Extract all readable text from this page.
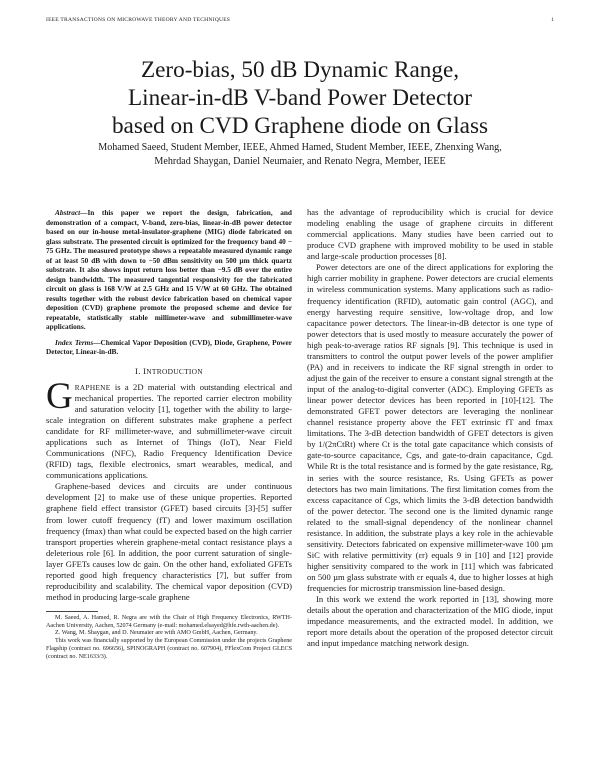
IEEE TRANSACTIONS ON MICROWAVE THEORY AND TECHNIQUES	1
Zero-bias, 50 dB Dynamic Range,
Linear-in-dB V-band Power Detector
based on CVD Graphene diode on Glass
Mohamed Saeed, Student Member, IEEE, Ahmed Hamed, Student Member, IEEE, Zhenxing Wang,
Mehrdad Shaygan, Daniel Neumaier, and Renato Negra, Member, IEEE

Abstract—In this paper we report the design, fabrication, and demonstration of a compact, V-band, zero-bias, linear-in-dB power detector based on our in-house metal-insulator-graphene (MIG) diode fabricated on glass substrate. The presented circuit is optimized for the frequency band 40 − 75 GHz. The measured prototype shows a repeatable measured dynamic range of at least 50 dB with down to −50 dBm sensitivity on 500 µm thick quartz substrate. It also shows input return loss better than −9.5 dB over the entire design bandwidth. The measured tangential responsivity for the fabricated circuit on glass is 168 V/W at 2.5 GHz and 15 V/W at 60 GHz. The obtained results together with the robust device fabrication based on chemical vapor deposition (CVD) graphene promote the proposed scheme and device for repeatable, statistically stable millimeter-wave and submillimeter-wave applications.

Index Terms—Chemical Vapor Deposition (CVD), Diode, Graphene, Power Detector, Linear-in-dB.

I. INTRODUCTION

GRAPHENE is a 2D material with outstanding electrical and mechanical properties. The reported carrier electron mobility and saturation velocity [1], together with the ability to large-scale integration on different substrates make graphene a perfect candidate for RF millimeter-wave, and submillimeter-wave circuit applications such as Internet of Things (IoT), Near Field Communications (NFC), Radio Frequency Identification Device (RFID) tags, flexible electronics, smart wearables, medical, and communications applications.

Graphene-based devices and circuits are under continuous development [2] to make use of these unique properties. Reported graphene field effect transistor (GFET) based circuits [3]-[5] suffer from lower cutoff frequency (fT) and lower maximum oscillation frequency (fmax) than what could be expected based on the high carrier transport properties wherein graphene-metal contact resistance plays a deleterious role [6]. In addition, the poor current saturation of single-layer GFETs causes low dc gain. On the other hand, exfoliated GFETs reported good high frequency characteristics [7], but suffer from reproducibility and scalability. The chemical vapor deposition (CVD) method in producing large-scale graphene

M. Saeed, A. Hamed, R. Negra are with the Chair of High Frequency Electronics, RWTH-Aachen University, Aachen, 52074 Germany (e-mail: mohamed.elsayed@hfe.rwth-aachen.de).

Z. Wang, M. Shaygan, and D. Neumaier are with AMO GmbH, Aachen, Germany.

This work was financially supported by the European Commission under the projects Graphene Flagship (contract no. 696656), SPINOGRAPH (contract no. 607904), FFlexCom Project GLECS (contract no. NE1633/3).

has the advantage of reproducibility which is crucial for device modeling enabling the usage of graphene circuits in different commercial applications. Many studies have been carried out to produce CVD graphene with improved mobility to be used in stable and large-scale production processes [8].

Power detectors are one of the direct applications for exploring the high carrier mobility in graphene. Power detectors are crucial elements in wireless communication systems. Many applications such as radio-frequency identification (RFID), automatic gain control (AGC), and energy harvesting require sensitive, low-voltage drop, and low capacitance power detectors. The linear-in-dB detector is one type of power detectors that is used mostly to measure accurately the power of high peak-to-average ratios RF signals [9]. This technique is used in transmitters to control the output power levels of the power amplifier (PA) and in receivers to indicate the RF signal strength in order to adjust the gain of the receiver to ensure a constant signal strength at the input of the analog-to-digital converter (ADC). Employing GFETs as linear power detector devices has been reported in [10]-[12]. The demonstrated GFET power detectors are leveraging the nonlinear channel resistance property above the FET extrinsic fT and fmax limitations. The 3-dB detection bandwidth of GFET detectors is given by 1/(2πCtRt) where Ct is the total gate capacitance which consists of gate-to-source capacitance, Cgs, and gate-to-drain capacitance, Cgd. While Rt is the total resistance and is formed by the gate resistance, Rg, in series with the source resistance, Rs. Using GFETs as power detectors has two main limitations. The first limitation comes from the excess capacitance of Cgs, which limits the 3-dB detection bandwidth of the power detector. The second one is the limited dynamic range related to the small-signal dependency of the nonlinear channel resistance. In addition, the substrate plays a key role in the achievable sensitivity. Detectors fabricated on expensive millimeter-wave 100 µm SiC with relative permittivity (εr) equals 9 in [10] and [12] provide higher sensitivity compared to the work in [11] which was fabricated on 500 µm glass substrate with εr equals 4, due to higher losses at high frequencies for microstrip transmission line-based design.

In this work we extend the work reported in [13], showing more details about the operation and characterization of the MIG diode, input impedance measurements, and the extracted model. In addition, we report more details about the operation of the proposed detector circuit and input impedance matching network design.
